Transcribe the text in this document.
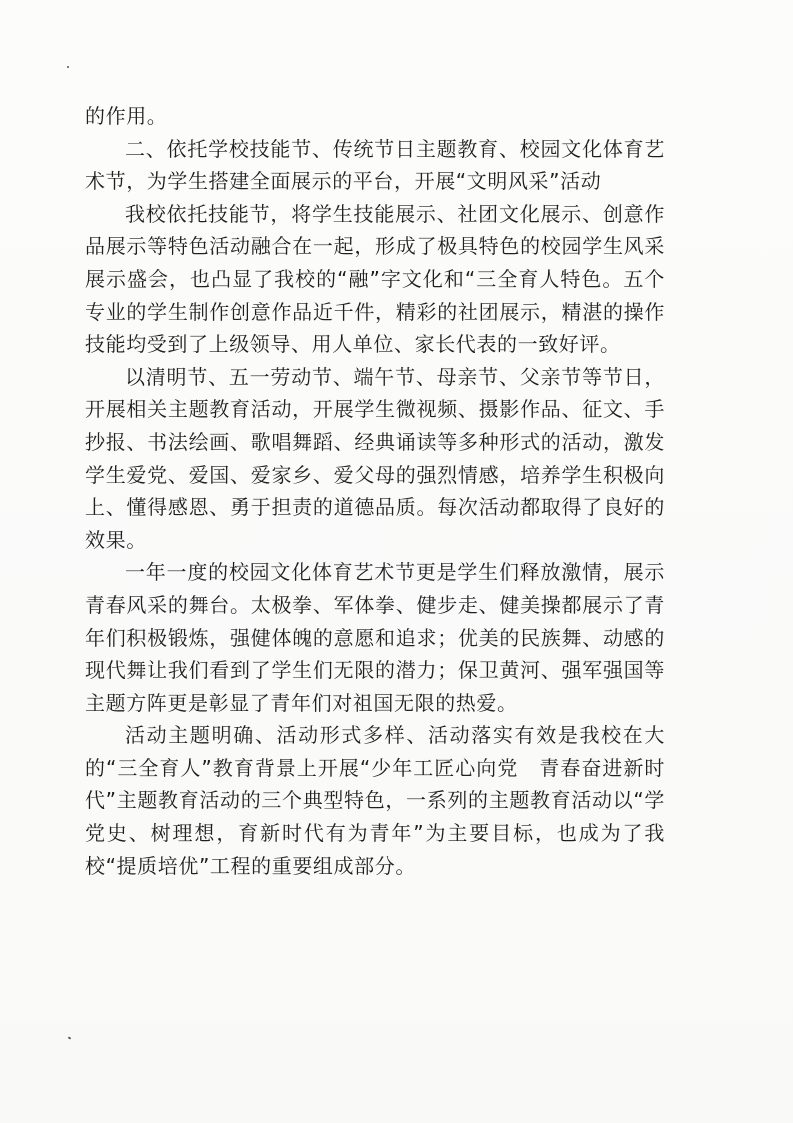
的作用。

二、依托学校技能节、传统节日主题教育、校园文化体育艺术节，为学生搭建全面展示的平台，开展“文明风采”活动

我校依托技能节，将学生技能展示、社团文化展示、创意作品展示等特色活动融合在一起，形成了极具特色的校园学生风采展示盛会，也凸显了我校的“融”字文化和“三全育人特色。五个专业的学生制作创意作品近千件，精彩的社团展示，精湛的操作技能均受到了上级领导、用人单位、家长代表的一致好评。

以清明节、五一劳动节、端午节、母亲节、父亲节等节日，开展相关主题教育活动，开展学生微视频、摄影作品、征文、手抄报、书法绘画、歌唱舞蹈、经典诵读等多种形式的活动，激发学生爱党、爱国、爱家乡、爱父母的强烈情感，培养学生积极向上、懂得感恩、勇于担责的道德品质。每次活动都取得了良好的效果。

一年一度的校园文化体育艺术节更是学生们释放激情，展示青春风采的舞台。太极拳、军体拳、健步走、健美操都展示了青年们积极锻炼，强健体魄的意愿和追求；优美的民族舞、动感的现代舞让我们看到了学生们无限的潜力；保卫黄河、强军强国等主题方阵更是彰显了青年们对祖国无限的热爱。

活动主题明确、活动形式多样、活动落实有效是我校在大的“三全育人”教育背景上开展“少年工匠心向党　青春奋进新时代”主题教育活动的三个典型特色，一系列的主题教育活动以“学党史、树理想，育新时代有为青年”为主要目标，也成为了我校“提质培优”工程的重要组成部分。
